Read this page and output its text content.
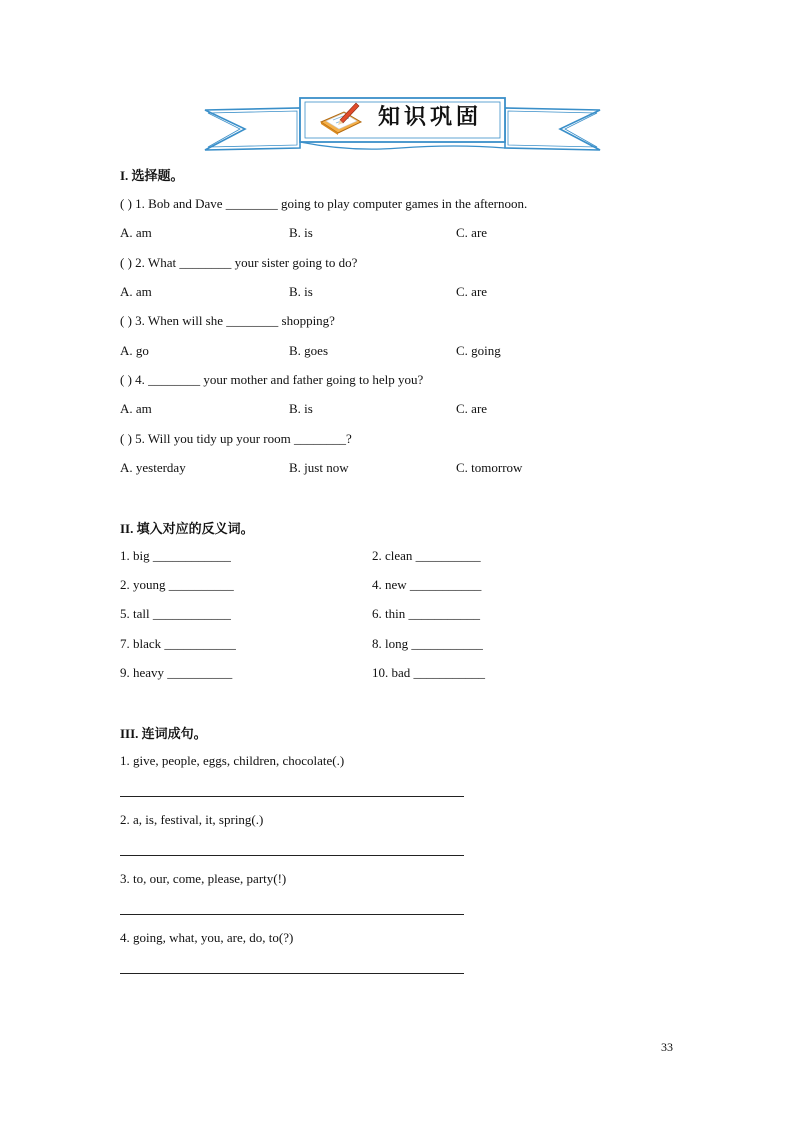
知识巩固
I. 选择题。
( ) 1. Bob and Dave ________ going to play computer games in the afternoon.
A. am	B. is	C. are
( ) 2. What ________ your sister going to do?
A. am	B. is	C. are
( ) 3. When will she ________ shopping?
A. go	B. goes	C. going
( ) 4. ________ your mother and father going to help you?
A. am	B. is	C. are
( ) 5. Will you tidy up your room ________?
A. yesterday	B. just now	C. tomorrow
II. 填入对应的反义词。
1. big ____________	2. clean __________
2. young __________	4. new ___________
5. tall ____________	6. thin ___________
7. black ___________	8. long ___________
9. heavy __________	10. bad ___________
III. 连词成句。
1. give, people, eggs, children, chocolate(.)
2. a, is, festival, it, spring(.)
3. to, our, come, please, party(!)
4. going, what, you, are, do, to(?)
33
